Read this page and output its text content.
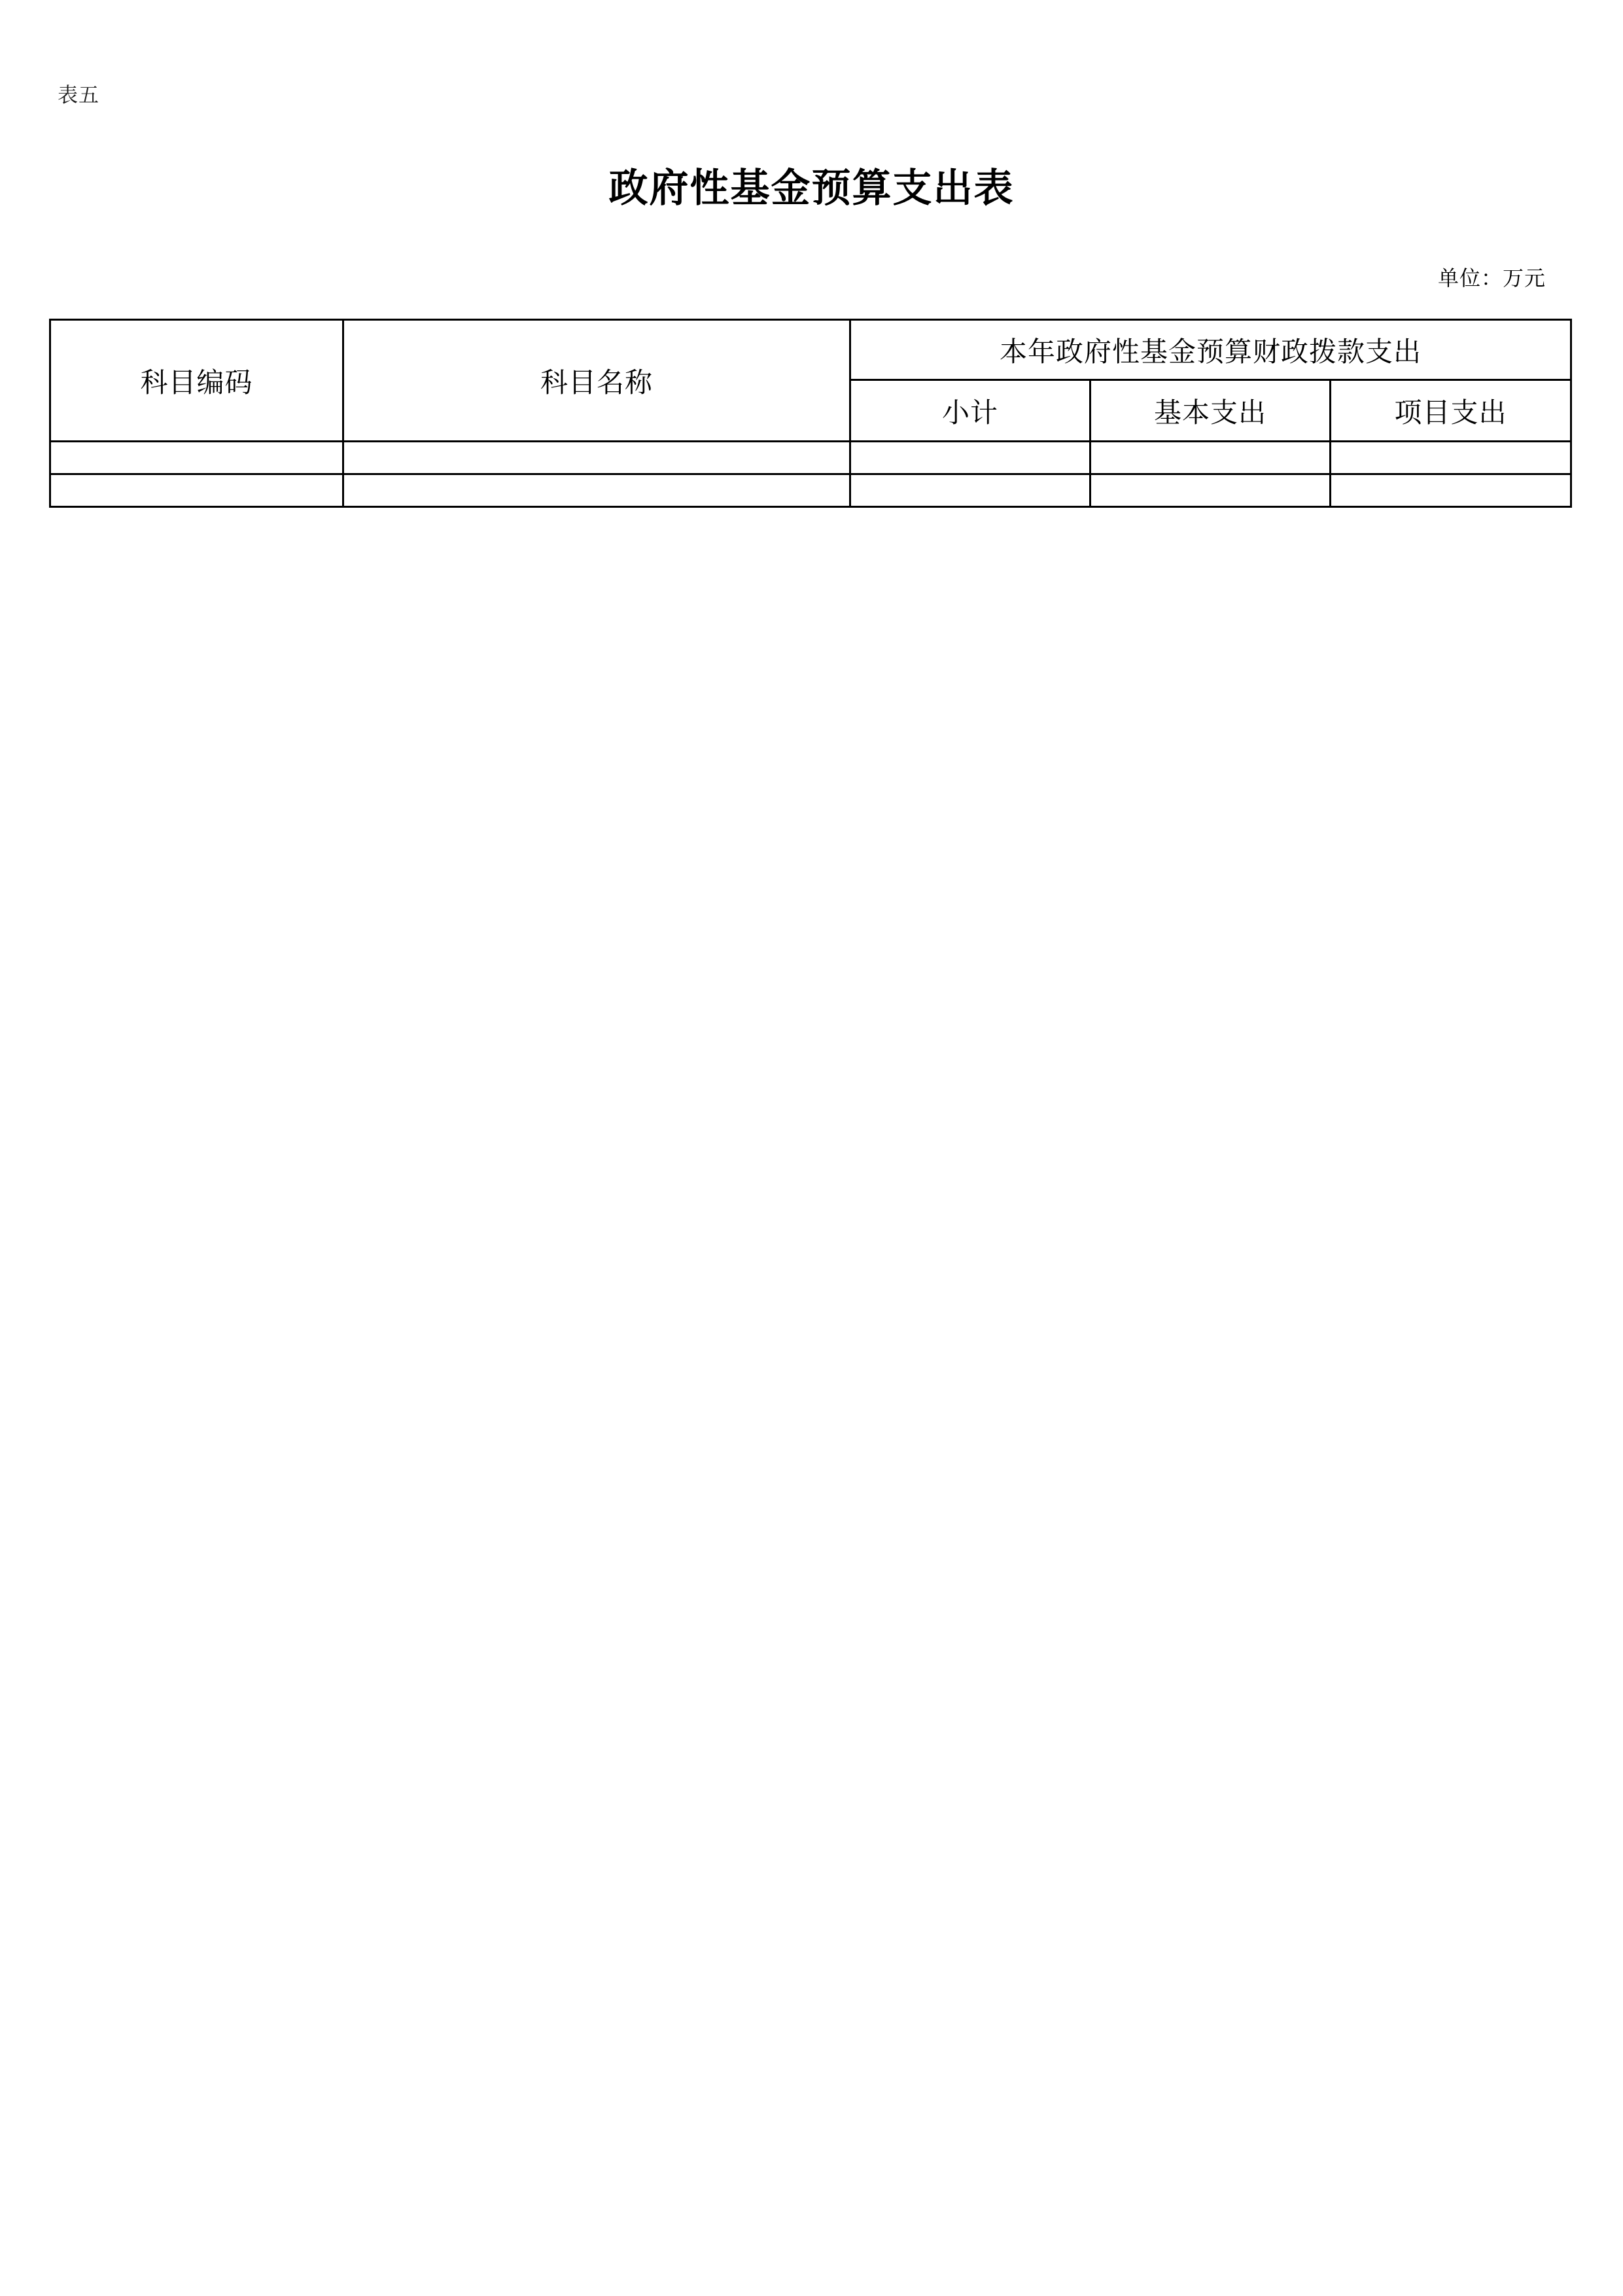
表五
政府性基金预算支出表
单位：万元
科目编码	科目名称	本年政府性基金预算财政拨款支出		
		小计	基本支出	项目支出
